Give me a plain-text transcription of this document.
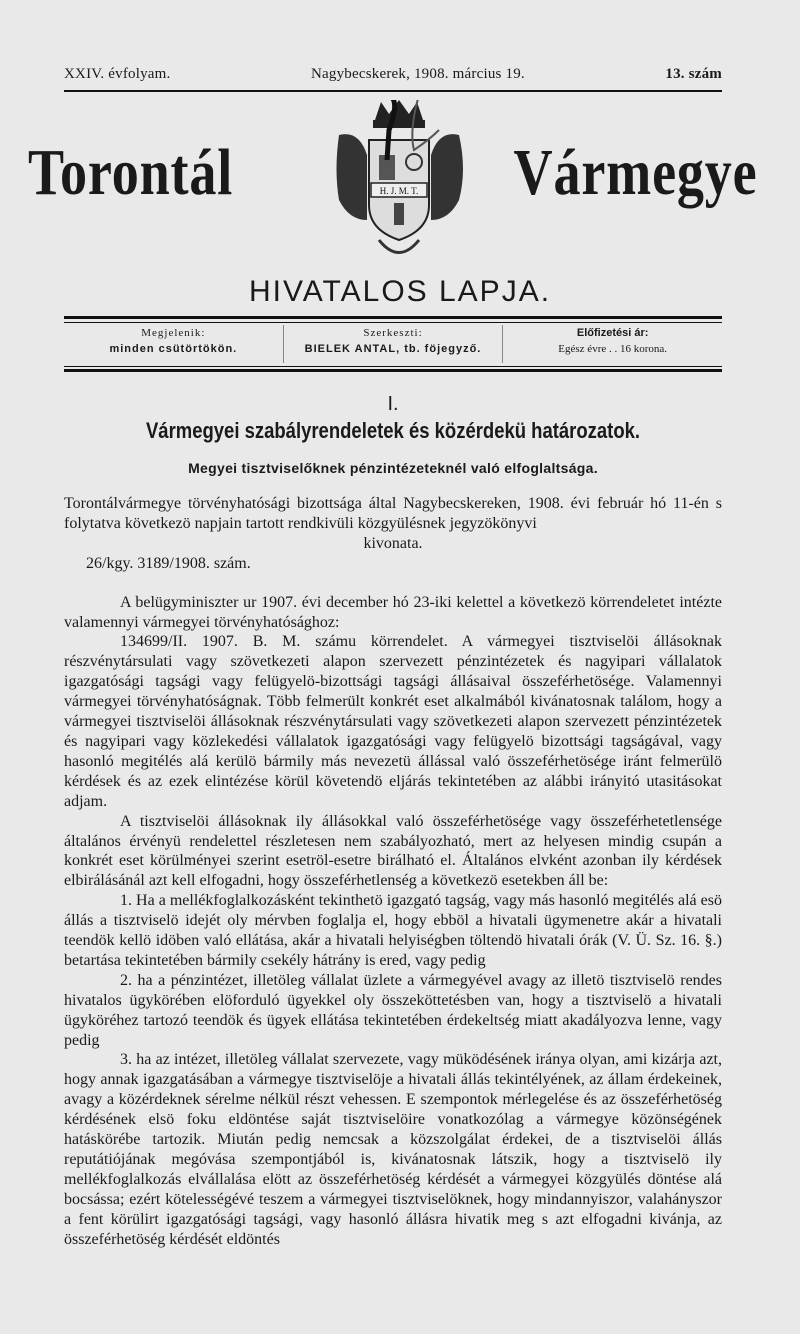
XXIV. évfolyam.	Nagybecskerek, 1908. március 19.	13. szám
Torontál	H. J. M. T. Vármegye
HIVATALOS LAPJA.
Megjelenik:
minden csütörtökön.
Szerkeszti:
BIELEK ANTAL, tb. föjegyző.
Előfizetési ár:
Egész évre . . 16 korona.
I.
Vármegyei szabályrendeletek és közérdekü határozatok.
Megyei tisztviselőknek pénzintézeteknél való elfoglaltsága.

Torontálvármegye törvényhatósági bizottsága által Nagybecskereken, 1908. évi február hó 11-én s folytatva következö napjain tartott rendkivüli közgyülésnek jegyzökönyvi

kivonata.

26/kgy. 3189/1908. szám.

A belügyminiszter ur 1907. évi december hó 23-iki kelettel a következö körrendeletet intézte valamennyi vármegyei törvényhatósághoz:

134699/II. 1907. B. M. számu körrendelet. A vármegyei tisztviselöi állásoknak részvénytársulati vagy szövetkezeti alapon szervezett pénzintézetek és nagyipari vállalatok igazgatósági tagsági vagy felügyelö-bizottsági tagsági állásaival összeférhetösége. Valamennyi vármegyei törvényhatóságnak. Több felmerült konkrét eset alkalmából kivánatosnak találom, hogy a vármegyei tisztviselöi állásoknak részvénytársulati vagy szövetkezeti alapon szervezett pénzintézetek és nagyipari vagy közlekedési vállalatok igazgatósági vagy felügyelö bizottsági tagságával, vagy hasonló megitélés alá kerülö bármily más nevezetü állással való összeférhetösége iránt felmerülö kérdések és az ezek elintézése körül követendö eljárás tekintetében az alábbi irányitó utasitásokat adjam.

A tisztviselöi állásoknak ily állásokkal való összeférhetösége vagy összeférhetetlensége általános érvényü rendelettel részletesen nem szabályozható, mert az helyesen mindig csupán a konkrét eset körülményei szerint esetröl-esetre birálható el. Általános elvként azonban ily kérdések elbirálásánál azt kell elfogadni, hogy összeférhetlenség a következö esetekben áll be:

1. Ha a mellékfoglalkozásként tekinthetö igazgató tagság, vagy más hasonló megitélés alá esö állás a tisztviselö idejét oly mérvben foglalja el, hogy ebböl a hivatali ügymenetre akár a hivatali teendök kellö idöben való ellátása, akár a hivatali helyiségben töltendö hivatali órák (V. Ü. Sz. 16. §.) betartása tekintetében bármily csekély hátrány is ered, vagy pedig

2. ha a pénzintézet, illetöleg vállalat üzlete a vármegyével avagy az illetö tisztviselö rendes hivatalos ügykörében elöforduló ügyekkel oly összeköttetésben van, hogy a tisztviselö a hivatali ügyköréhez tartozó teendök és ügyek ellátása tekintetében érdekeltség miatt akadályozva lenne, vagy pedig

3. ha az intézet, illetöleg vállalat szervezete, vagy müködésének iránya olyan, ami kizárja azt, hogy annak igazgatásában a vármegye tisztviselöje a hivatali állás tekintélyének, az állam érdekeinek, avagy a közérdeknek sérelme nélkül részt vehessen. E szempontok mérlegelése és az összeférhetöség kérdésének elsö foku eldöntése saját tisztviselöire vonatkozólag a vármegye közönségének hatáskörébe tartozik. Miután pedig nemcsak a közszolgálat érdekei, de a tisztviselöi állás reputátiójának megóvása szempontjából is, kivánatosnak látszik, hogy a tisztviselö ily mellékfoglalkozás elvállalása elött az összeférhetöség kérdését a vármegyei közgyülés döntése alá bocsássa; ezért kötelességévé teszem a vármegyei tisztviselöknek, hogy mindannyiszor, valahányszor a fent körülirt igazgatósági tagsági, vagy hasonló állásra hivatik meg s azt elfogadni kivánja, az összeférhetöség kérdését eldöntés
